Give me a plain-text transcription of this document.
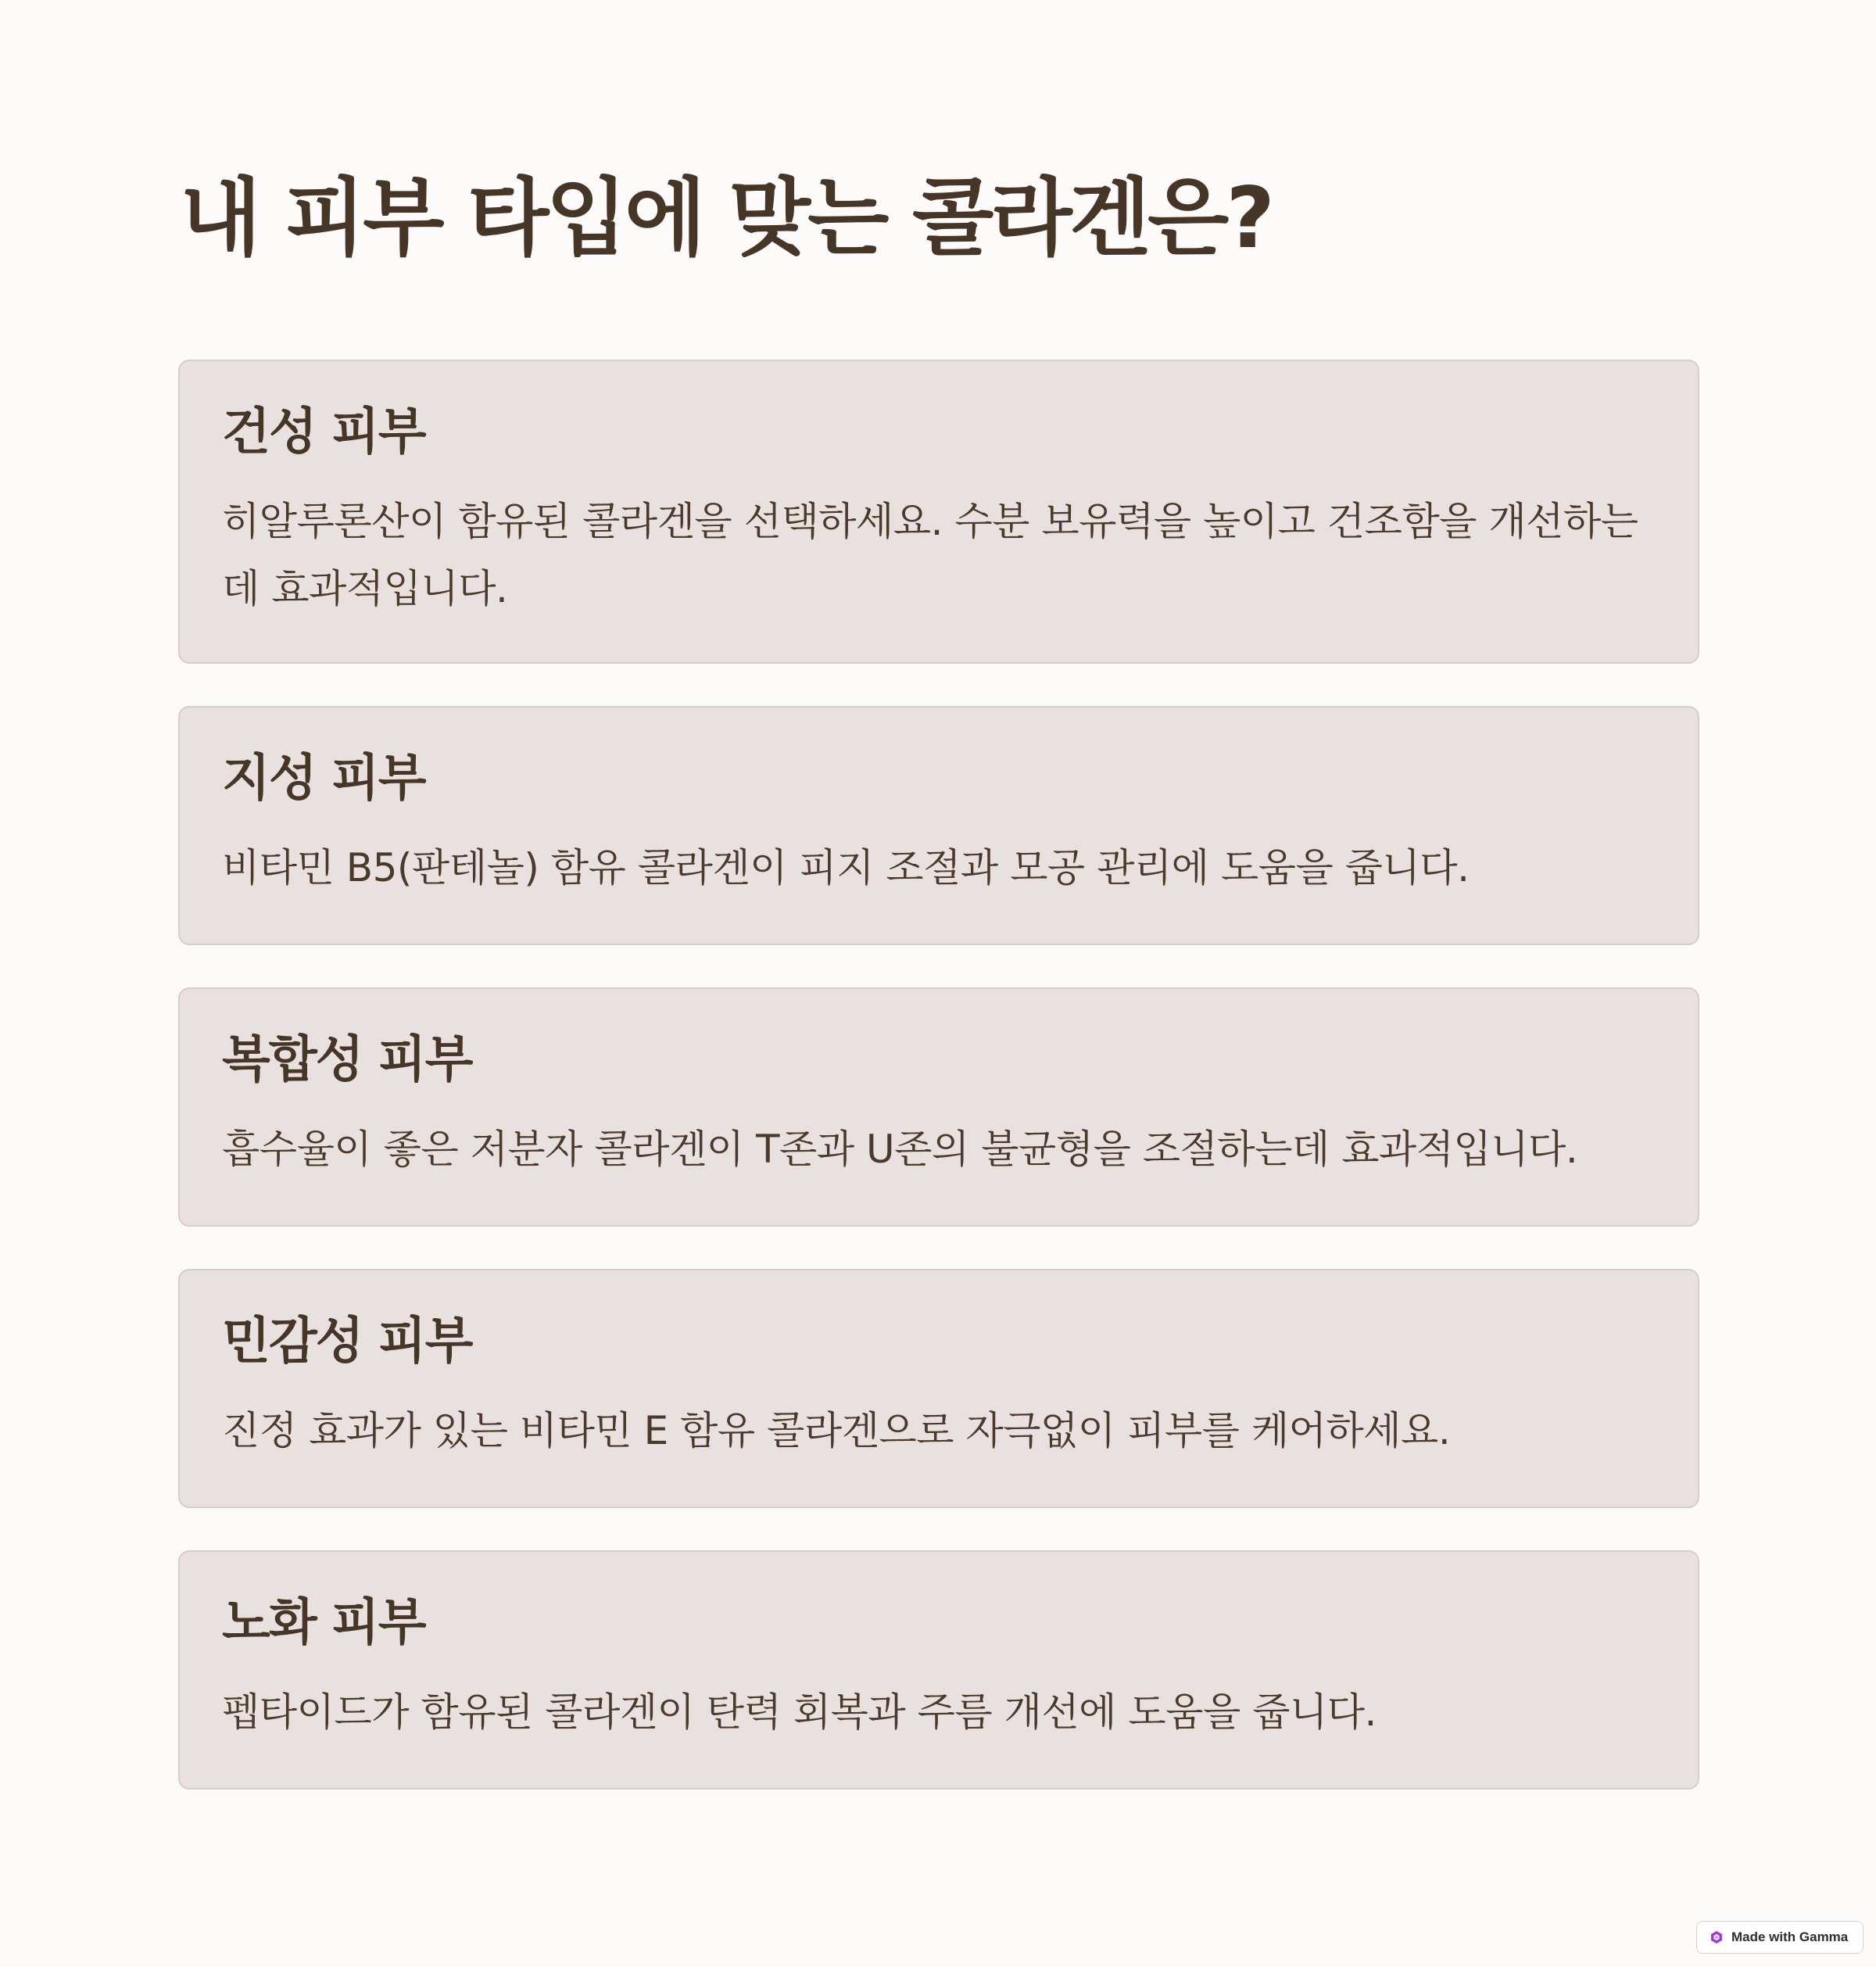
내 피부 타입에 맞는 콜라겐은?
건성 피부

히알루론산이 함유된 콜라겐을 선택하세요. 수분 보유력을 높이고 건조함을 개선하는데 효과적입니다.

지성 피부

비타민 B5(판테놀) 함유 콜라겐이 피지 조절과 모공 관리에 도움을 줍니다.

복합성 피부

흡수율이 좋은 저분자 콜라겐이 T존과 U존의 불균형을 조절하는데 효과적입니다.

민감성 피부

진정 효과가 있는 비타민 E 함유 콜라겐으로 자극없이 피부를 케어하세요.

노화 피부

펩타이드가 함유된 콜라겐이 탄력 회복과 주름 개선에 도움을 줍니다.

Made with Gamma
